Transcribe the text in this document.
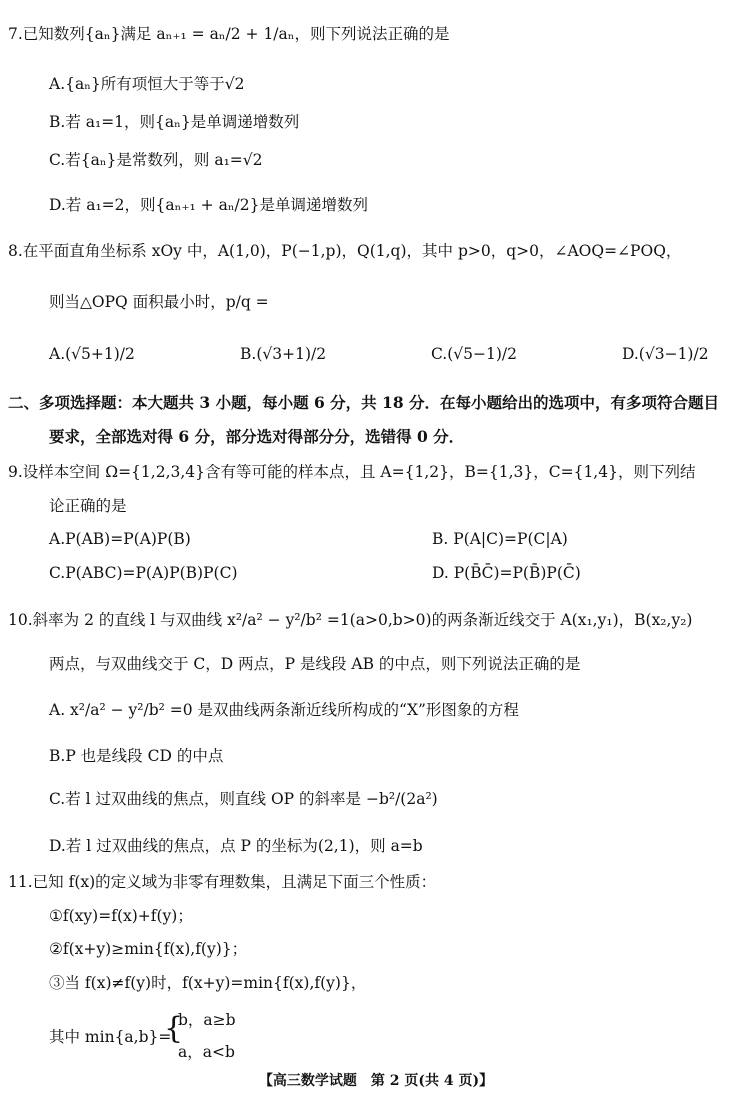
7.已知数列{aₙ}满足 aₙ₊₁ = aₙ/2 + 1/aₙ，则下列说法正确的是
A.{aₙ}所有项恒大于等于√2
B.若 a₁=1，则{aₙ}是单调递增数列
C.若{aₙ}是常数列，则 a₁=√2
D.若 a₁=2，则{aₙ₊₁ + aₙ/2}是单调递增数列
8.在平面直角坐标系 xOy 中，A(1,0)，P(−1,p)，Q(1,q)，其中 p>0，q>0，∠AOQ=∠POQ，
则当△OPQ 面积最小时，p/q =
A.(√5+1)/2	B.(√3+1)/2	C.(√5−1)/2	D.(√3−1)/2
二、多项选择题：本大题共 3 小题，每小题 6 分，共 18 分．在每小题给出的选项中，有多项符合题目
要求，全部选对得 6 分，部分选对得部分分，选错得 0 分．
9.设样本空间 Ω={1,2,3,4}含有等可能的样本点，且 A={1,2}，B={1,3}，C={1,4}，则下列结
论正确的是
A.P(AB)=P(A)P(B)	B. P(A|C)=P(C|A)
C.P(ABC)=P(A)P(B)P(C)	D. P(B̄C̄)=P(B̄)P(C̄)
10.斜率为 2 的直线 l 与双曲线 x²/a² − y²/b² =1(a>0,b>0)的两条渐近线交于 A(x₁,y₁)，B(x₂,y₂)
两点，与双曲线交于 C，D 两点，P 是线段 AB 的中点，则下列说法正确的是
A. x²/a² − y²/b² =0 是双曲线两条渐近线所构成的“X”形图象的方程
B.P 也是线段 CD 的中点
C.若 l 过双曲线的焦点，则直线 OP 的斜率是 −b²/(2a²)
D.若 l 过双曲线的焦点，点 P 的坐标为(2,1)，则 a=b
11.已知 f(x)的定义域为非零有理数集，且满足下面三个性质：
①f(xy)=f(x)+f(y)；
②f(x+y)≥min{f(x),f(y)}；
③当 f(x)≠f(y)时，f(x+y)=min{f(x),f(y)}，
其中 min{a,b}=
{
b，a≥b
a，a<b
【高三数学试题　第 2 页(共 4 页)】
